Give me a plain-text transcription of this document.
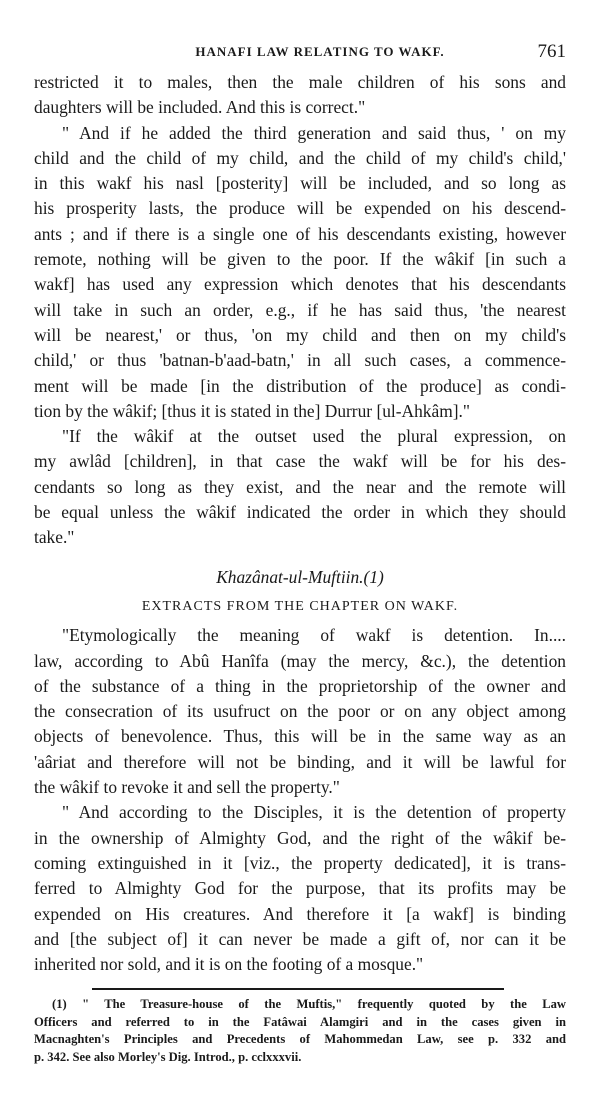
HANAFI LAW RELATING TO WAKF.	761
restricted it to males, then the male children of his sons and
daughters will be included. And this is correct."
" And if he added the third generation and said thus, ' on my
child and the child of my child, and the child of my child's child,'
in this wakf his nasl [posterity] will be included, and so long as
his prosperity lasts, the produce will be expended on his descend-
ants ; and if there is a single one of his descendants existing, however
remote, nothing will be given to the poor. If the wâkif [in such a
wakf] has used any expression which denotes that his descendants
will take in such an order, e.g., if he has said thus, 'the nearest
will be nearest,' or thus, 'on my child and then on my child's
child,' or thus 'batnan-b'aad-batn,' in all such cases, a commence-
ment will be made [in the distribution of the produce] as condi-
tion by the wâkif; [thus it is stated in the] Durrur [ul-Ahkâm]."
"If the wâkif at the outset used the plural expression, on
my awlâd [children], in that case the wakf will be for his des-
cendants so long as they exist, and the near and the remote will
be equal unless the wâkif indicated the order in which they should
take."
Khazânat-ul-Muftiin.(1)
EXTRACTS FROM THE CHAPTER ON WAKF.
"Etymologically the meaning of wakf is detention. In....
law, according to Abû Hanîfa (may the mercy, &c.), the detention
of the substance of a thing in the proprietorship of the owner and
the consecration of its usufruct on the poor or on any object among
objects of benevolence. Thus, this will be in the same way as an
'aâriat and therefore will not be binding, and it will be lawful for
the wâkif to revoke it and sell the property."
" And according to the Disciples, it is the detention of property
in the ownership of Almighty God, and the right of the wâkif be-
coming extinguished in it [viz., the property dedicated], it is trans-
ferred to Almighty God for the purpose, that its profits may be
expended on His creatures. And therefore it [a wakf] is binding
and [the subject of] it can never be made a gift of, nor can it be
inherited nor sold, and it is on the footing of a mosque."
(1) " The Treasure-house of the Muftis," frequently quoted by the Law
Officers and referred to in the Fatâwai Alamgiri and in the cases given in
Macnaghten's Principles and Precedents of Mahommedan Law, see p. 332 and
p. 342. See also Morley's Dig. Introd., p. cclxxxvii.
